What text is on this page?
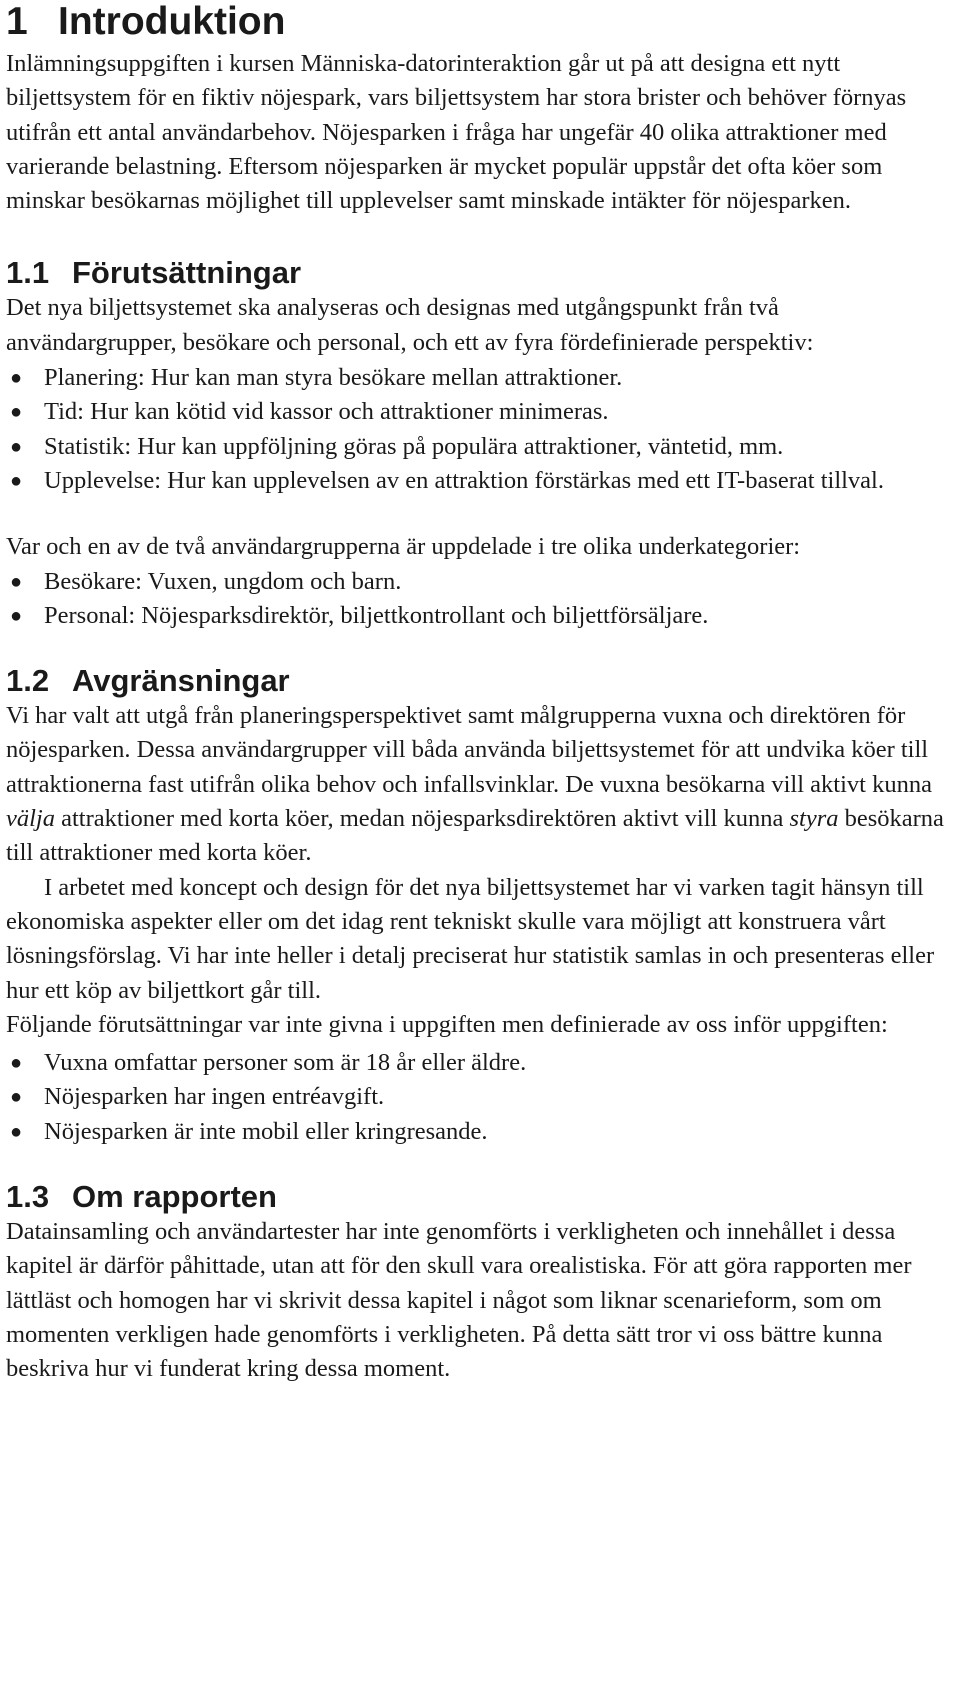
1 Introduktion

Inlämningsuppgiften i kursen Människa-datorinteraktion går ut på att designa ett nytt biljettsystem för en fiktiv nöjespark, vars biljettsystem har stora brister och behöver förnyas utifrån ett antal användarbehov. Nöjesparken i fråga har ungefär 40 olika attraktioner med varierande belastning. Eftersom nöjesparken är mycket populär uppstår det ofta köer som minskar besökarnas möjlighet till upplevelser samt minskade intäkter för nöjesparken.

1.1 Förutsättningar

Det nya biljettsystemet ska analyseras och designas med utgångspunkt från två användargrupper, besökare och personal, och ett av fyra fördefinierade perspektiv:

● Planering: Hur kan man styra besökare mellan attraktioner.
● Tid: Hur kan kötid vid kassor och attraktioner minimeras.
● Statistik: Hur kan uppföljning göras på populära attraktioner, väntetid, mm.
● Upplevelse: Hur kan upplevelsen av en attraktion förstärkas med ett IT-baserat tillval.

Var och en av de två användargrupperna är uppdelade i tre olika underkategorier:

● Besökare: Vuxen, ungdom och barn.
● Personal: Nöjesparksdirektör, biljettkontrollant och biljettförsäljare.
1.2 Avgränsningar

Vi har valt att utgå från planeringsperspektivet samt målgrupperna vuxna och direktören för nöjesparken. Dessa användargrupper vill båda använda biljettsystemet för att undvika köer till attraktionerna fast utifrån olika behov och infallsvinklar. De vuxna besökarna vill aktivt kunna välja attraktioner med korta köer, medan nöjesparksdirektören aktivt vill kunna styra besökarna till attraktioner med korta köer.

I arbetet med koncept och design för det nya biljettsystemet har vi varken tagit hänsyn till ekonomiska aspekter eller om det idag rent tekniskt skulle vara möjligt att konstruera vårt lösningsförslag. Vi har inte heller i detalj preciserat hur statistik samlas in och presenteras eller hur ett köp av biljettkort går till.

Följande förutsättningar var inte givna i uppgiften men definierade av oss inför uppgiften:

● Vuxna omfattar personer som är 18 år eller äldre.
● Nöjesparken har ingen entréavgift.
● Nöjesparken är inte mobil eller kringresande.
1.3 Om rapporten

Datainsamling och användartester har inte genomförts i verkligheten och innehållet i dessa kapitel är därför påhittade, utan att för den skull vara orealistiska. För att göra rapporten mer lättläst och homogen har vi skrivit dessa kapitel i något som liknar scenarieform, som om momenten verkligen hade genomförts i verkligheten. På detta sätt tror vi oss bättre kunna beskriva hur vi funderat kring dessa moment.
